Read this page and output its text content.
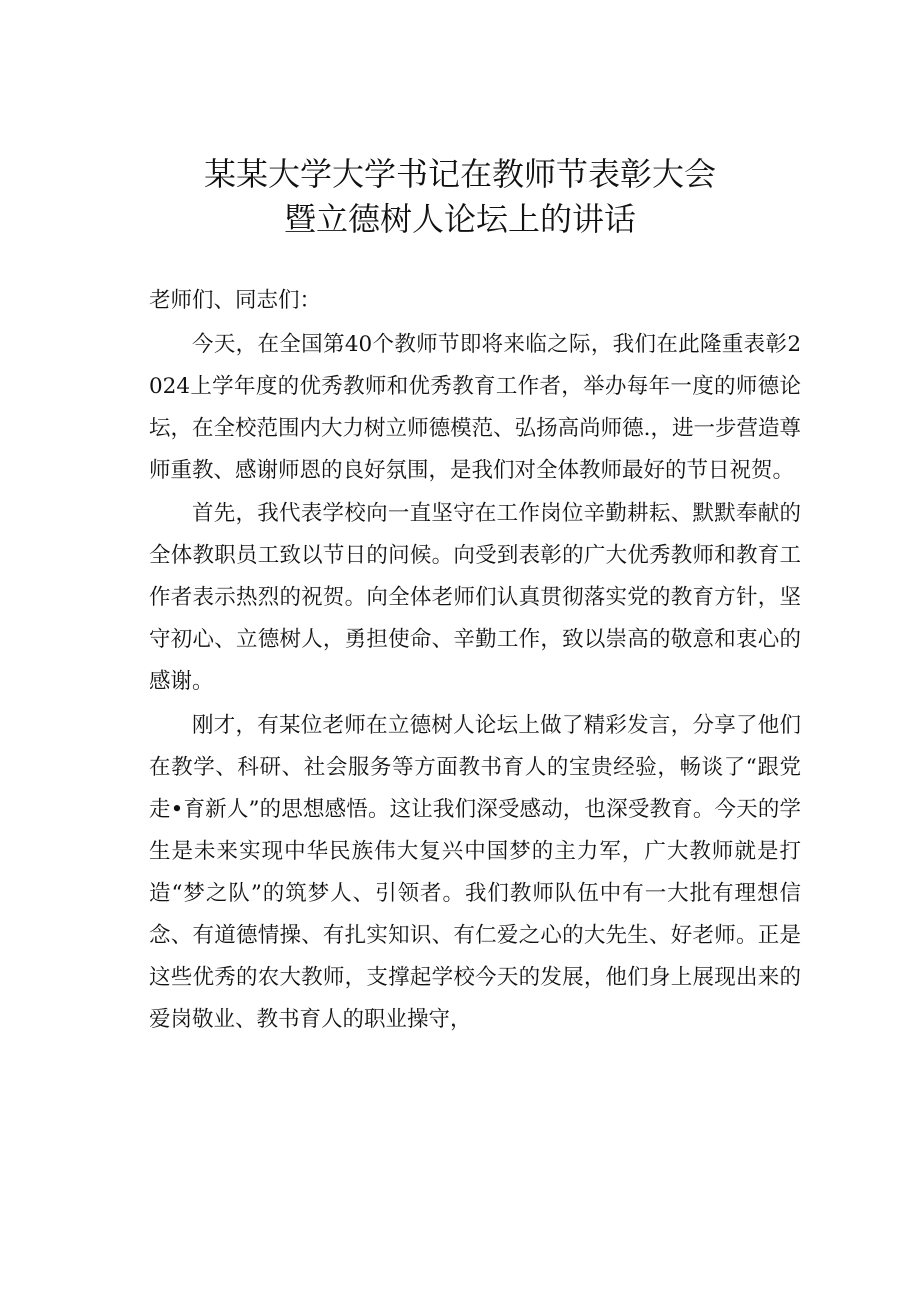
某某大学大学书记在教师节表彰大会
暨立德树人论坛上的讲话

老师们、同志们：

今天，在全国第40个教师节即将来临之际，我们在此隆重表彰2024上学年度的优秀教师和优秀教育工作者，举办每年一度的师德论坛，在全校范围内大力树立师德模范、弘扬高尚师德.，进一步营造尊师重教、感谢师恩的良好氛围，是我们对全体教师最好的节日祝贺。

首先，我代表学校向一直坚守在工作岗位辛勤耕耘、默默奉献的全体教职员工致以节日的问候。向受到表彰的广大优秀教师和教育工作者表示热烈的祝贺。向全体老师们认真贯彻落实党的教育方针，坚守初心、立德树人，勇担使命、辛勤工作，致以崇高的敬意和衷心的感谢。

刚才，有某位老师在立德树人论坛上做了精彩发言，分享了他们在教学、科研、社会服务等方面教书育人的宝贵经验，畅谈了“跟党走•育新人”的思想感悟。这让我们深受感动，也深受教育。今天的学生是未来实现中华民族伟大复兴中国梦的主力军，广大教师就是打造“梦之队”的筑梦人、引领者。我们教师队伍中有一大批有理想信念、有道德情操、有扎实知识、有仁爱之心的大先生、好老师。正是这些优秀的农大教师，支撑起学校今天的发展，他们身上展现出来的爱岗敬业、教书育人的职业操守，
